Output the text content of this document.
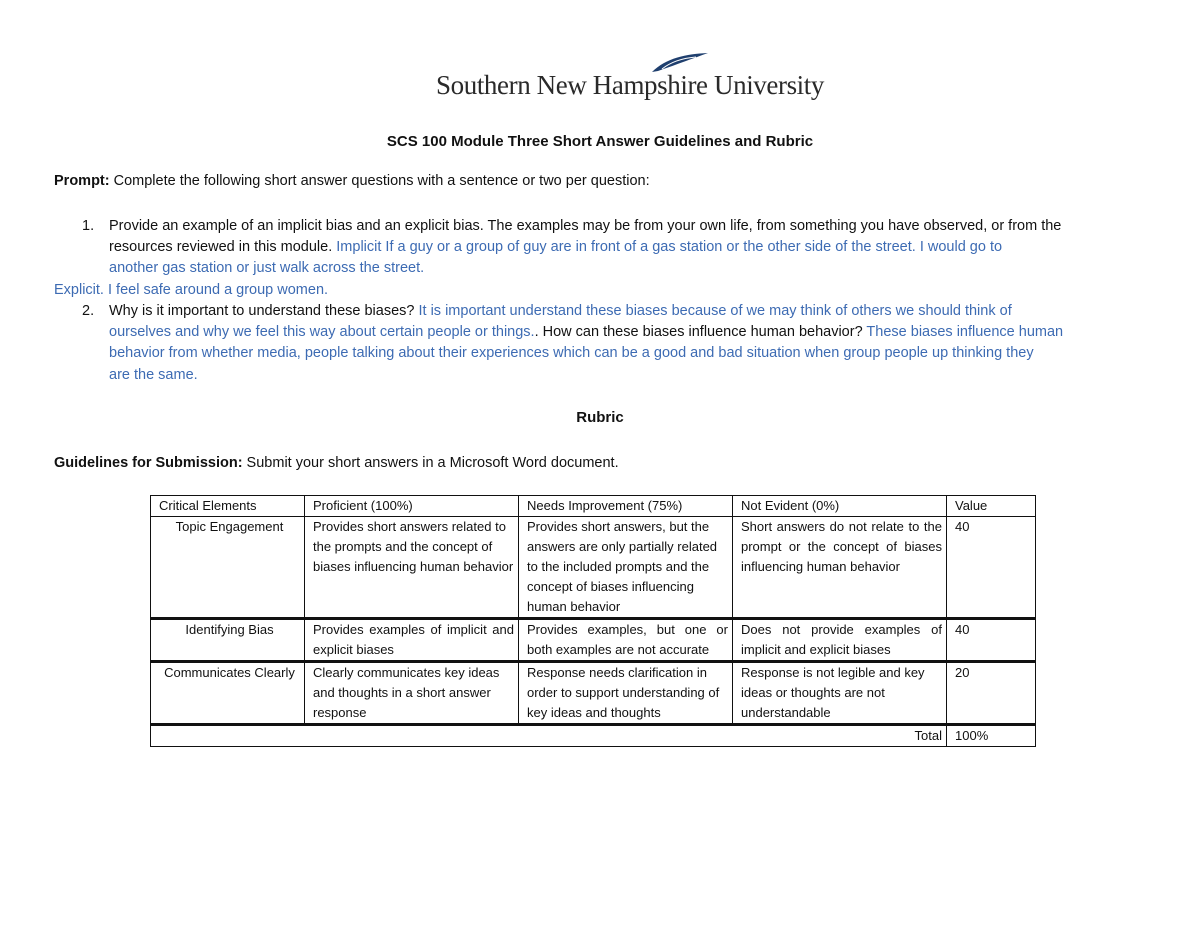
Southern New Hampshire University
SCS 100 Module Three Short Answer Guidelines and Rubric
Prompt: Complete the following short answer questions with a sentence or two per question:
1. Provide an example of an implicit bias and an explicit bias. The examples may be from your own life, from something you have observed, or from the
resources reviewed in this module. Implicit If a guy or a group of guy are in front of a gas station or the other side of the street. I would go to
another gas station or just walk across the street.
Explicit. I feel safe around a group women.
2. Why is it important to understand these biases? It is important understand these biases because of we may think of others we should think of
ourselves and why we feel this way about certain people or things.. How can these biases influence human behavior? These biases influence human
behavior from whether media, people talking about their experiences which can be a good and bad situation when group people up thinking they
are the same.
Rubric
Guidelines for Submission: Submit your short answers in a Microsoft Word document.
Critical Elements	Proficient (100%)	Needs Improvement (75%)	Not Evident (0%)	Value
Topic Engagement	Provides short answers related to the prompts and the concept of biases influencing human behavior	Provides short answers, but the answers are only partially related to the included prompts and the concept of biases influencing human behavior	Short answers do not relate to the prompt or the concept of biases influencing human behavior	40
Identifying Bias	Provides examples of implicit and explicit biases	Provides examples, but one or both examples are not accurate	Does not provide examples of implicit and explicit biases	40
Communicates Clearly	Clearly communicates key ideas and thoughts in a short answer response	Response needs clarification in order to support understanding of key ideas and thoughts	Response is not legible and key ideas or thoughts are not understandable	20
Total				100%
